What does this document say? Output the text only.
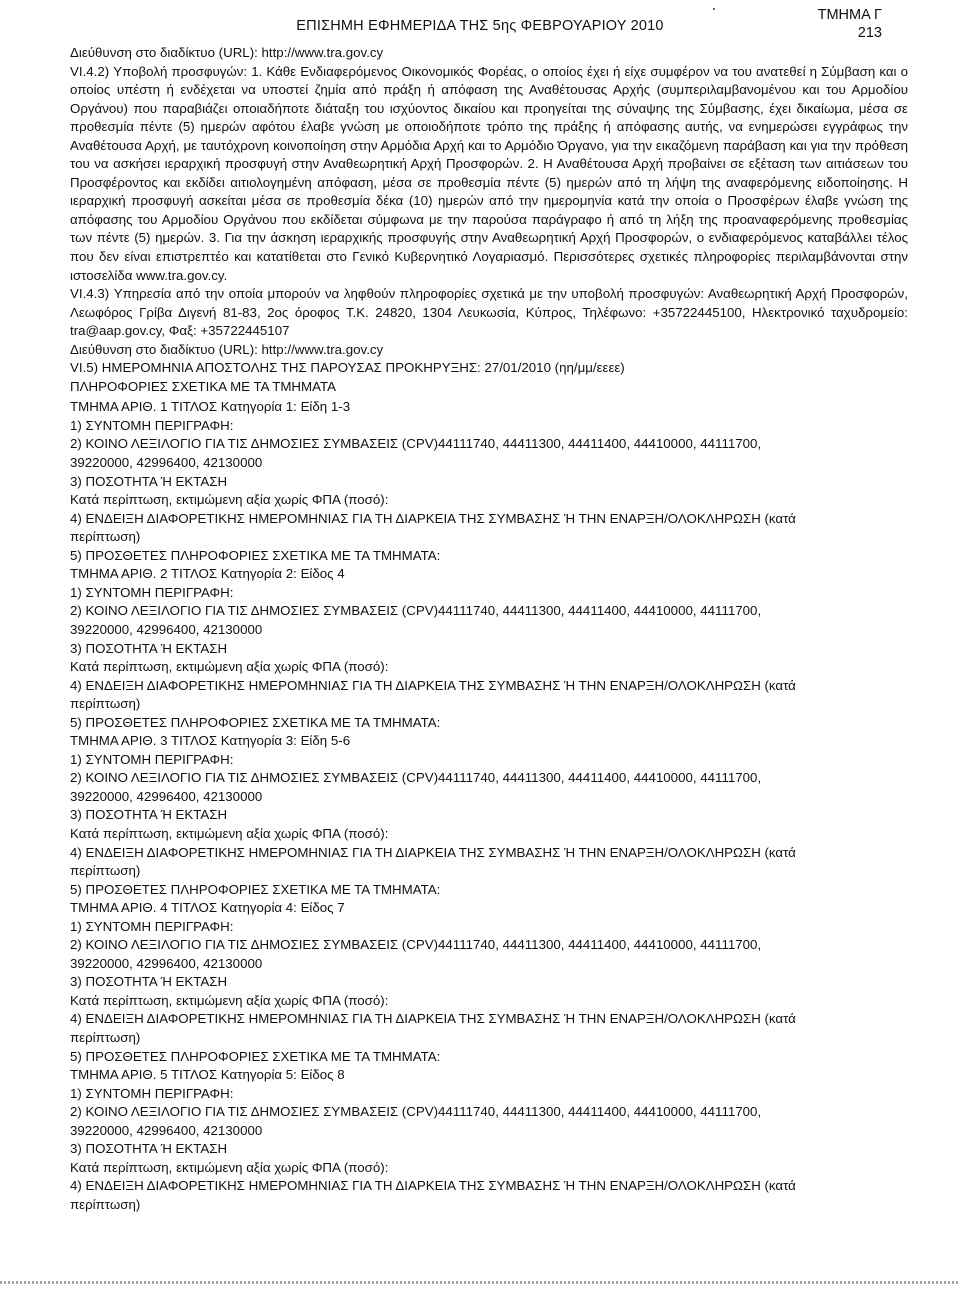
ΕΠΙΣΗΜΗ ΕΦΗΜΕΡΙΔΑ ΤΗΣ 5ης ΦΕΒΡΟΥΑΡΙΟΥ 2010
ΤΜΗΜΑ Γ
213

Διεύθυνση στο διαδίκτυο (URL): http://www.tra.gov.cy

VI.4.2) Υποβολή προσφυγών: 1. Κάθε Ενδιαφερόμενος Οικονομικός Φορέας, ο οποίος έχει ή είχε συμφέρον να του ανατεθεί η Σύμβαση και ο οποίος υπέστη ή ενδέχεται να υποστεί ζημία από πράξη ή απόφαση της Αναθέτουσας Αρχής (συμπεριλαμβανομένου και του Αρμοδίου Οργάνου) που παραβιάζει οποιαδήποτε διάταξη του ισχύοντος δικαίου και προηγείται της σύναψης της Σύμβασης, έχει δικαίωμα, μέσα σε προθεσμία πέντε (5) ημερών αφότου έλαβε γνώση με οποιοδήποτε τρόπο της πράξης ή απόφασης αυτής, να ενημερώσει εγγράφως την Αναθέτουσα Αρχή, με ταυτόχρονη κοινοποίηση στην Αρμόδια Αρχή και το Αρμόδιο Όργανο, για την εικαζόμενη παράβαση και για την πρόθεση του να ασκήσει ιεραρχική προσφυγή στην Αναθεωρητική Αρχή Προσφορών. 2. Η Αναθέτουσα Αρχή προβαίνει σε εξέταση των αιτιάσεων του Προσφέροντος και εκδίδει αιτιολογημένη απόφαση, μέσα σε προθεσμία πέντε (5) ημερών από τη λήψη της αναφερόμενης ειδοποίησης. Η ιεραρχική προσφυγή ασκείται μέσα σε προθεσμία δέκα (10) ημερών από την ημερομηνία κατά την οποία ο Προσφέρων έλαβε γνώση της απόφασης του Αρμοδίου Οργάνου που εκδίδεται σύμφωνα με την παρούσα παράγραφο ή από τη λήξη της προαναφερόμενης προθεσμίας των πέντε (5) ημερών. 3. Για την άσκηση ιεραρχικής προσφυγής στην Αναθεωρητική Αρχή Προσφορών, ο ενδιαφερόμενος καταβάλλει τέλος που δεν είναι επιστρεπτέο και κατατίθεται στο Γενικό Κυβερνητικό Λογαριασμό. Περισσότερες σχετικές πληροφορίες περιλαμβάνονται στην ιστοσελίδα www.tra.gov.cy.

VI.4.3) Υπηρεσία από την οποία μπορούν να ληφθούν πληροφορίες σχετικά με την υποβολή προσφυγών: Αναθεωρητική Αρχή Προσφορών, Λεωφόρος Γρίβα Διγενή 81-83, 2ος όροφος Τ.Κ. 24820, 1304 Λευκωσία, Κύπρος, Τηλέφωνο: +35722445100, Ηλεκτρονικό ταχυδρομείο: tra@aap.gov.cy, Φαξ: +35722445107

Διεύθυνση στο διαδίκτυο (URL): http://www.tra.gov.cy

VI.5) ΗΜΕΡΟΜΗΝΙΑ ΑΠΟΣΤΟΛΗΣ ΤΗΣ ΠΑΡΟΥΣΑΣ ΠΡΟΚΗΡΥΞΗΣ: 27/01/2010 (ηη/μμ/εεεε)

ΠΛΗΡΟΦΟΡΙΕΣ ΣΧΕΤΙΚΑ ΜΕ ΤΑ ΤΜΗΜΑΤΑ

ΤΜΗΜΑ ΑΡΙΘ. 1 ΤΙΤΛΟΣ Κατηγορία 1: Είδη 1-3

1) ΣΥΝΤΟΜΗ ΠΕΡΙΓΡΑΦΗ:

2) ΚΟΙΝΟ ΛΕΞΙΛΟΓΙΟ ΓΙΑ ΤΙΣ ΔΗΜΟΣΙΕΣ ΣΥΜΒΑΣΕΙΣ (CPV)44111740, 44411300, 44411400, 44410000, 44111700,

39220000, 42996400, 42130000

3) ΠΟΣΟΤΗΤΑ Ή ΕΚΤΑΣΗ

Κατά περίπτωση, εκτιμώμενη αξία χωρίς ΦΠΑ (ποσό):

4) ΕΝΔΕΙΞΗ ΔΙΑΦΟΡΕΤΙΚΗΣ ΗΜΕΡΟΜΗΝΙΑΣ ΓΙΑ ΤΗ ΔΙΑΡΚΕΙΑ ΤΗΣ ΣΥΜΒΑΣΗΣ Ή ΤΗΝ ΕΝΑΡΞΗ/ΟΛΟΚΛΗΡΩΣΗ (κατά

περίπτωση)

5) ΠΡΟΣΘΕΤΕΣ ΠΛΗΡΟΦΟΡΙΕΣ ΣΧΕΤΙΚΑ ΜΕ ΤΑ ΤΜΗΜΑΤΑ:

ΤΜΗΜΑ ΑΡΙΘ. 2 ΤΙΤΛΟΣ Κατηγορία 2: Είδος 4

1) ΣΥΝΤΟΜΗ ΠΕΡΙΓΡΑΦΗ:

2) ΚΟΙΝΟ ΛΕΞΙΛΟΓΙΟ ΓΙΑ ΤΙΣ ΔΗΜΟΣΙΕΣ ΣΥΜΒΑΣΕΙΣ (CPV)44111740, 44411300, 44411400, 44410000, 44111700,

39220000, 42996400, 42130000

3) ΠΟΣΟΤΗΤΑ Ή ΕΚΤΑΣΗ

Κατά περίπτωση, εκτιμώμενη αξία χωρίς ΦΠΑ (ποσό):

4) ΕΝΔΕΙΞΗ ΔΙΑΦΟΡΕΤΙΚΗΣ ΗΜΕΡΟΜΗΝΙΑΣ ΓΙΑ ΤΗ ΔΙΑΡΚΕΙΑ ΤΗΣ ΣΥΜΒΑΣΗΣ Ή ΤΗΝ ΕΝΑΡΞΗ/ΟΛΟΚΛΗΡΩΣΗ (κατά

περίπτωση)

5) ΠΡΟΣΘΕΤΕΣ ΠΛΗΡΟΦΟΡΙΕΣ ΣΧΕΤΙΚΑ ΜΕ ΤΑ ΤΜΗΜΑΤΑ:

ΤΜΗΜΑ ΑΡΙΘ. 3 ΤΙΤΛΟΣ Κατηγορία 3: Είδη 5-6

1) ΣΥΝΤΟΜΗ ΠΕΡΙΓΡΑΦΗ:

2) ΚΟΙΝΟ ΛΕΞΙΛΟΓΙΟ ΓΙΑ ΤΙΣ ΔΗΜΟΣΙΕΣ ΣΥΜΒΑΣΕΙΣ (CPV)44111740, 44411300, 44411400, 44410000, 44111700,

39220000, 42996400, 42130000

3) ΠΟΣΟΤΗΤΑ Ή ΕΚΤΑΣΗ

Κατά περίπτωση, εκτιμώμενη αξία χωρίς ΦΠΑ (ποσό):

4) ΕΝΔΕΙΞΗ ΔΙΑΦΟΡΕΤΙΚΗΣ ΗΜΕΡΟΜΗΝΙΑΣ ΓΙΑ ΤΗ ΔΙΑΡΚΕΙΑ ΤΗΣ ΣΥΜΒΑΣΗΣ Ή ΤΗΝ ΕΝΑΡΞΗ/ΟΛΟΚΛΗΡΩΣΗ (κατά

περίπτωση)

5) ΠΡΟΣΘΕΤΕΣ ΠΛΗΡΟΦΟΡΙΕΣ ΣΧΕΤΙΚΑ ΜΕ ΤΑ ΤΜΗΜΑΤΑ:

ΤΜΗΜΑ ΑΡΙΘ. 4 ΤΙΤΛΟΣ Κατηγορία 4: Είδος 7

1) ΣΥΝΤΟΜΗ ΠΕΡΙΓΡΑΦΗ:

2) ΚΟΙΝΟ ΛΕΞΙΛΟΓΙΟ ΓΙΑ ΤΙΣ ΔΗΜΟΣΙΕΣ ΣΥΜΒΑΣΕΙΣ (CPV)44111740, 44411300, 44411400, 44410000, 44111700,

39220000, 42996400, 42130000

3) ΠΟΣΟΤΗΤΑ Ή ΕΚΤΑΣΗ

Κατά περίπτωση, εκτιμώμενη αξία χωρίς ΦΠΑ (ποσό):

4) ΕΝΔΕΙΞΗ ΔΙΑΦΟΡΕΤΙΚΗΣ ΗΜΕΡΟΜΗΝΙΑΣ ΓΙΑ ΤΗ ΔΙΑΡΚΕΙΑ ΤΗΣ ΣΥΜΒΑΣΗΣ Ή ΤΗΝ ΕΝΑΡΞΗ/ΟΛΟΚΛΗΡΩΣΗ (κατά

περίπτωση)

5) ΠΡΟΣΘΕΤΕΣ ΠΛΗΡΟΦΟΡΙΕΣ ΣΧΕΤΙΚΑ ΜΕ ΤΑ ΤΜΗΜΑΤΑ:

ΤΜΗΜΑ ΑΡΙΘ. 5 ΤΙΤΛΟΣ Κατηγορία 5: Είδος 8

1) ΣΥΝΤΟΜΗ ΠΕΡΙΓΡΑΦΗ:

2) ΚΟΙΝΟ ΛΕΞΙΛΟΓΙΟ ΓΙΑ ΤΙΣ ΔΗΜΟΣΙΕΣ ΣΥΜΒΑΣΕΙΣ (CPV)44111740, 44411300, 44411400, 44410000, 44111700,

39220000, 42996400, 42130000

3) ΠΟΣΟΤΗΤΑ Ή ΕΚΤΑΣΗ

Κατά περίπτωση, εκτιμώμενη αξία χωρίς ΦΠΑ (ποσό):

4) ΕΝΔΕΙΞΗ ΔΙΑΦΟΡΕΤΙΚΗΣ ΗΜΕΡΟΜΗΝΙΑΣ ΓΙΑ ΤΗ ΔΙΑΡΚΕΙΑ ΤΗΣ ΣΥΜΒΑΣΗΣ Ή ΤΗΝ ΕΝΑΡΞΗ/ΟΛΟΚΛΗΡΩΣΗ (κατά

περίπτωση)
